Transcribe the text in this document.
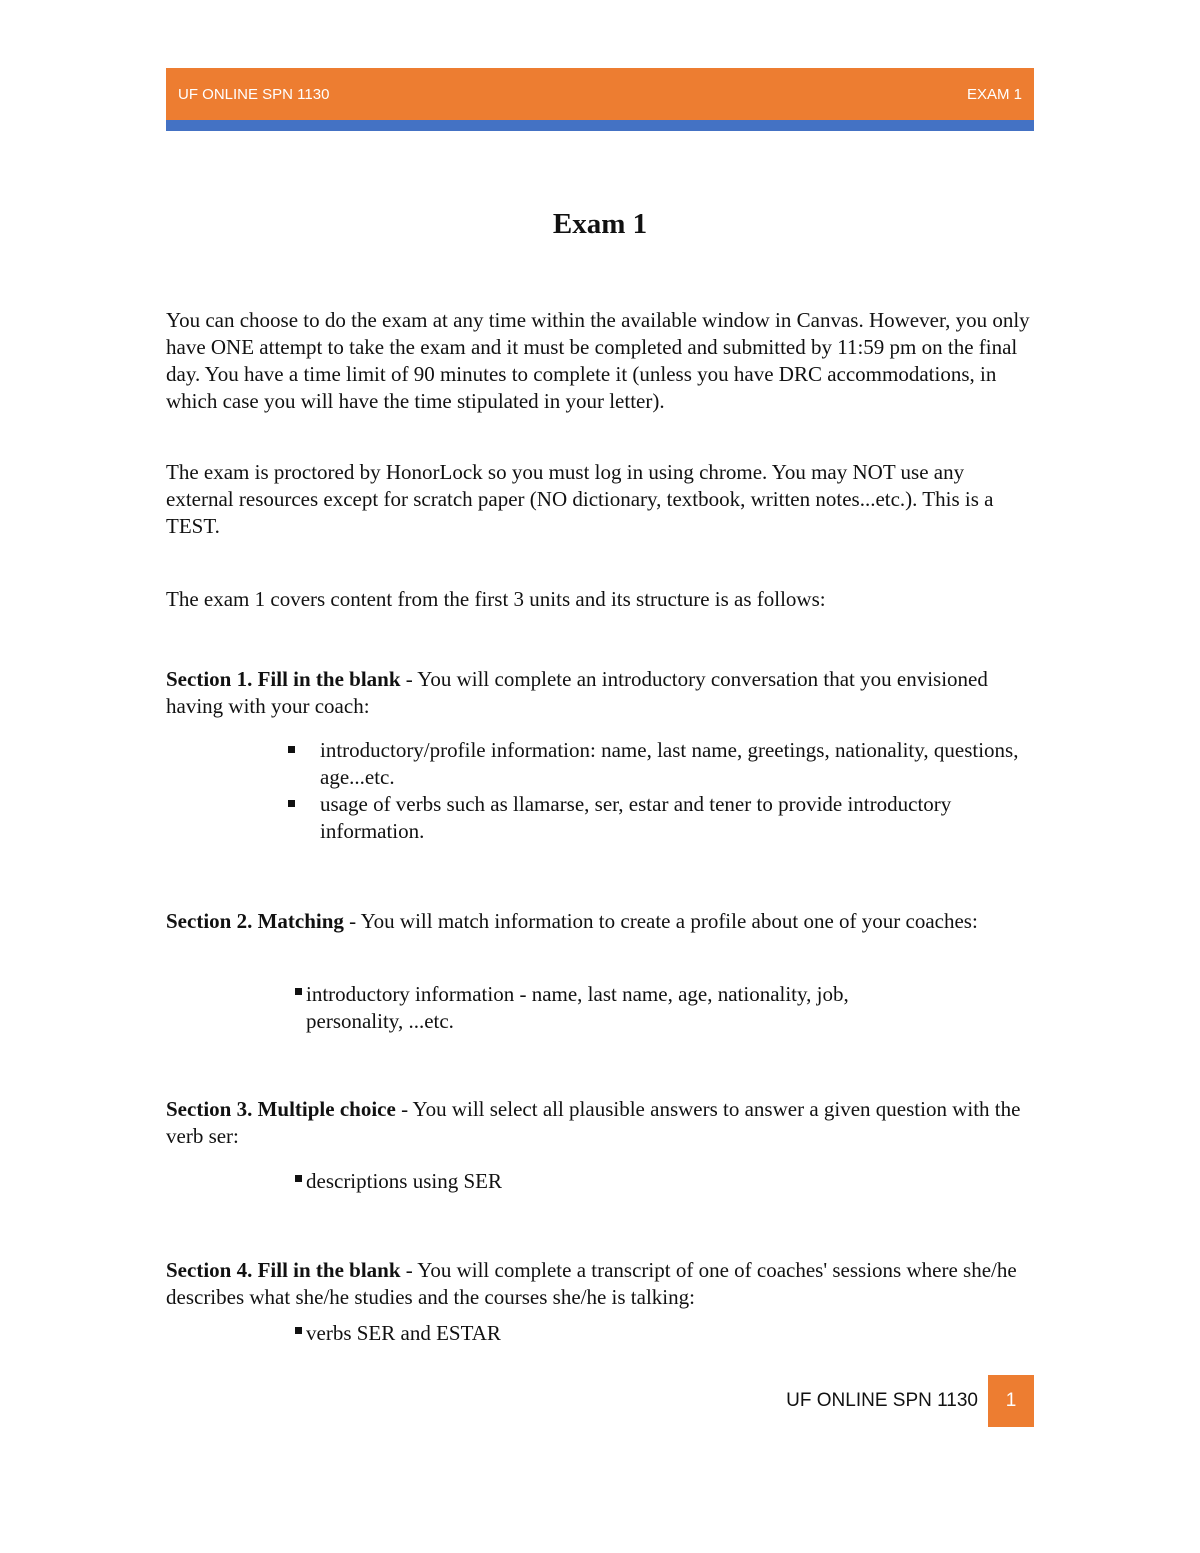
UF ONLINE SPN 1130	EXAM 1
Exam 1

You can choose to do the exam at any time within the available window in Canvas. However, you only have ONE attempt to take the exam and it must be completed and submitted by 11:59 pm on the final day. You have a time limit of 90 minutes to complete it (unless you have DRC accommodations, in which case you will have the time stipulated in your letter).

The exam is proctored by HonorLock so you must log in using chrome. You may NOT use any external resources except for scratch paper (NO dictionary, textbook, written notes...etc.). This is a TEST.

The exam 1 covers content from the first 3 units and its structure is as follows:

Section 1. Fill in the blank - You will complete an introductory conversation that you envisioned having with your coach:

introductory/profile information: name, last name, greetings, nationality, questions, age...etc.
usage of verbs such as llamarse, ser, estar and tener to provide introductory information.

Section 2. Matching - You will match information to create a profile about one of your coaches:

introductory information - name, last name, age, nationality, job, personality, ...etc.

Section 3. Multiple choice - You will select all plausible answers to answer a given question with the verb ser:

descriptions using SER

Section 4. Fill in the blank - You will complete a transcript of one of coaches' sessions where she/he describes what she/he studies and the courses she/he is talking:

verbs SER and ESTAR
UF ONLINE SPN 1130	1
